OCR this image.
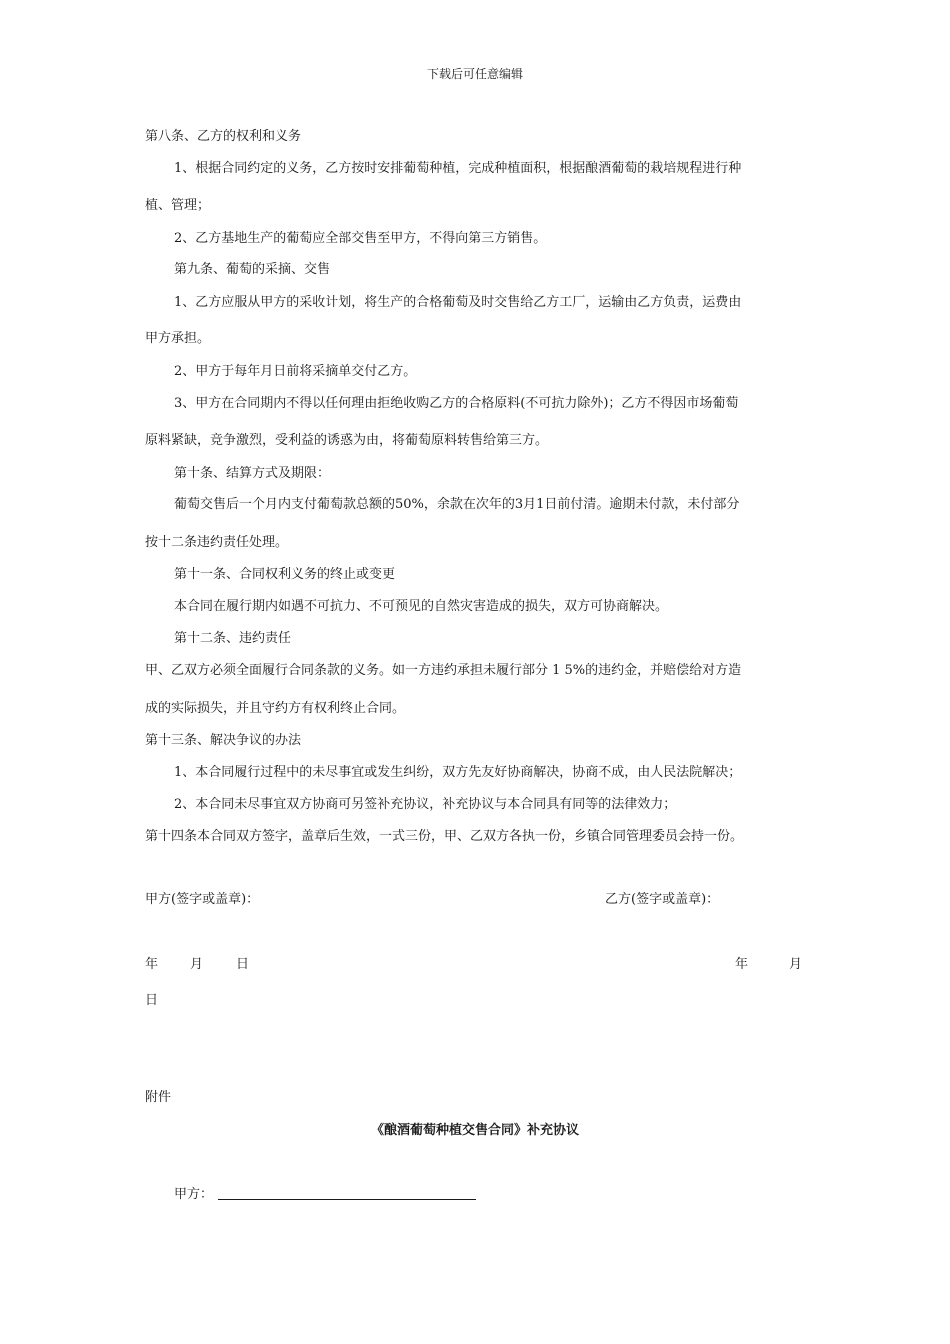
下载后可任意编辑
第八条、乙方的权利和义务
1、根据合同约定的义务，乙方按时安排葡萄种植，完成种植面积，根据酿酒葡萄的栽培规程进行种
植、管理；
2、乙方基地生产的葡萄应全部交售至甲方，不得向第三方销售。
第九条、葡萄的采摘、交售
1、乙方应服从甲方的采收计划，将生产的合格葡萄及时交售给乙方工厂，运输由乙方负责，运费由
甲方承担。
2、甲方于每年月日前将采摘单交付乙方。
3、甲方在合同期内不得以任何理由拒绝收购乙方的合格原料(不可抗力除外)；乙方不得因市场葡萄
原料紧缺，竞争激烈，受利益的诱惑为由，将葡萄原料转售给第三方。
第十条、结算方式及期限：
葡萄交售后一个月内支付葡萄款总额的50%，余款在次年的3月1日前付清。逾期未付款，未付部分
按十二条违约责任处理。
第十一条、合同权利义务的终止或变更
本合同在履行期内如遇不可抗力、不可预见的自然灾害造成的损失，双方可协商解决。
第十二条、违约责任
甲、乙双方必须全面履行合同条款的义务。如一方违约承担未履行部分 1 5%的违约金，并赔偿给对方造
成的实际损失，并且守约方有权利终止合同。
第十三条、解决争议的办法
1、本合同履行过程中的未尽事宜或发生纠纷，双方先友好协商解决，协商不成，由人民法院解决；
2、本合同未尽事宜双方协商可另签补充协议，补充协议与本合同具有同等的法律效力；
第十四条本合同双方签字，盖章后生效，一式三份，甲、乙双方各执一份，乡镇合同管理委员会持一份。
甲方(签字或盖章)：	乙方(签字或盖章)：
年 月	日	年	月
日
附件
《酿酒葡萄种植交售合同》补充协议
甲方：
